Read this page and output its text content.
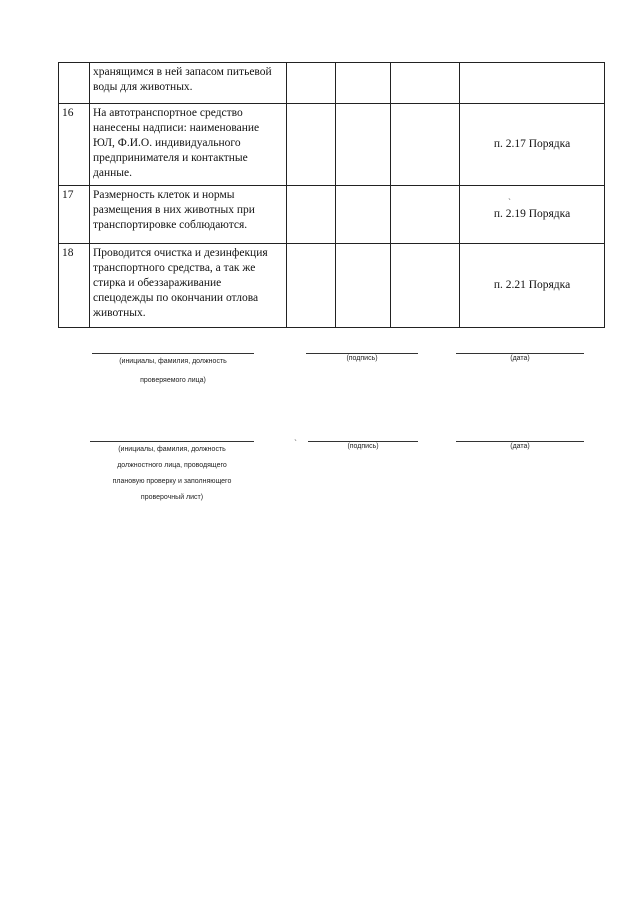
	хранящимся в ней запасом питьевой воды для животных.				
16	На автотранспортное средство нанесены надписи: наименование ЮЛ, Ф.И.О. индивидуального предпринимателя и контактные данные.				п. 2.17 Порядка
17	Размерность клеток и нормы размещения в них животных при транспортировке соблюдаются.				п. 2.19 Порядка
18	Проводится очистка и дезинфекция транспортного средства, а так же стирка и обеззараживание спецодежды по окончании отлова животных.				п. 2.21 Порядка
`
(инициалы, фамилия, должность
проверяемого лица)
(подпись)	(дата)
(инициалы, фамилия, должность
должностного лица, проводящего
плановую проверку и заполняющего
проверочный лист)
`	(подпись)	(дата)
